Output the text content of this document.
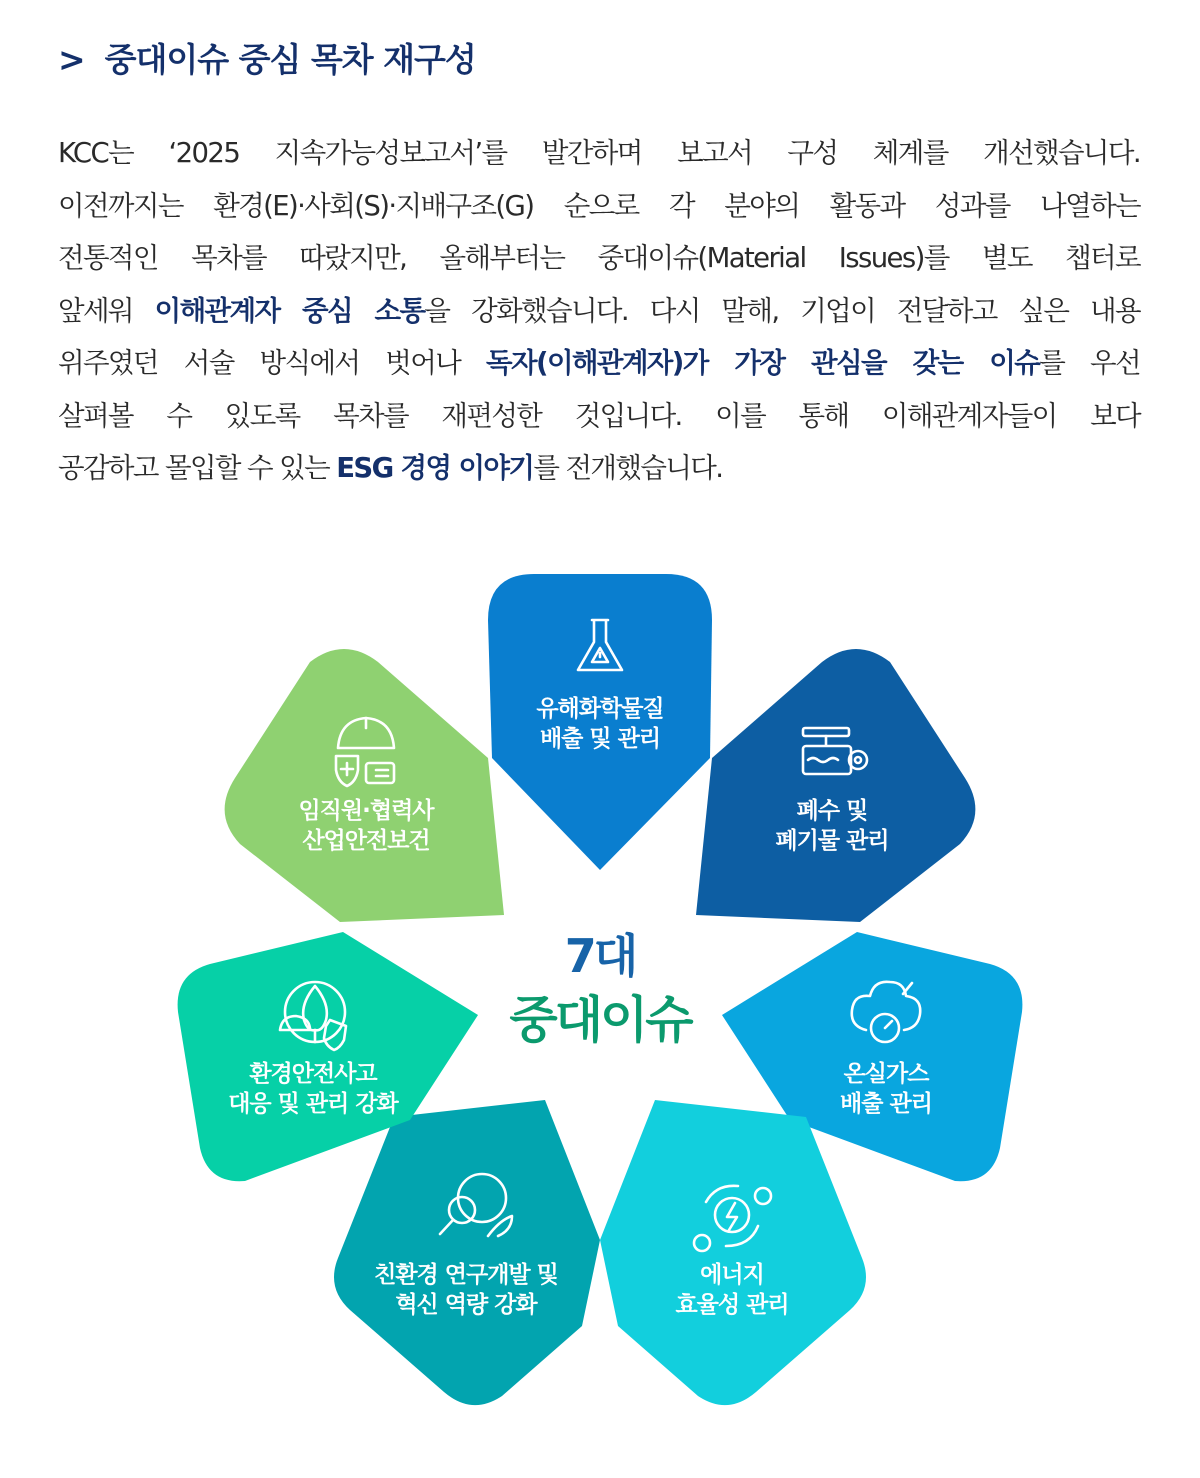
> 중대이슈 중심 목차 재구성
KCC는 ‘2025 지속가능성보고서’를 발간하며 보고서 구성 체계를 개선했습니다.
이전까지는 환경(E)·사회(S)·지배구조(G) 순으로 각 분야의 활동과 성과를 나열하는
전통적인 목차를 따랐지만, 올해부터는 중대이슈(Material Issues)를 별도 챕터로
앞세워 이해관계자 중심 소통을 강화했습니다. 다시 말해, 기업이 전달하고 싶은 내용
위주였던 서술 방식에서 벗어나 독자(이해관계자)가 가장 관심을 갖는 이슈를 우선
살펴볼 수 있도록 목차를 재편성한 것입니다. 이를 통해 이해관계자들이 보다
공감하고 몰입할 수 있는 ESG 경영 이야기를 전개했습니다.
유해화학물질
배출 및 관리
폐수 및
폐기물 관리
온실가스
배출 관리
에너지
효율성 관리
친환경 연구개발 및
혁신 역량 강화
환경안전사고
대응 및 관리 강화
임직원·협력사
산업안전보건
7대
중대이슈
